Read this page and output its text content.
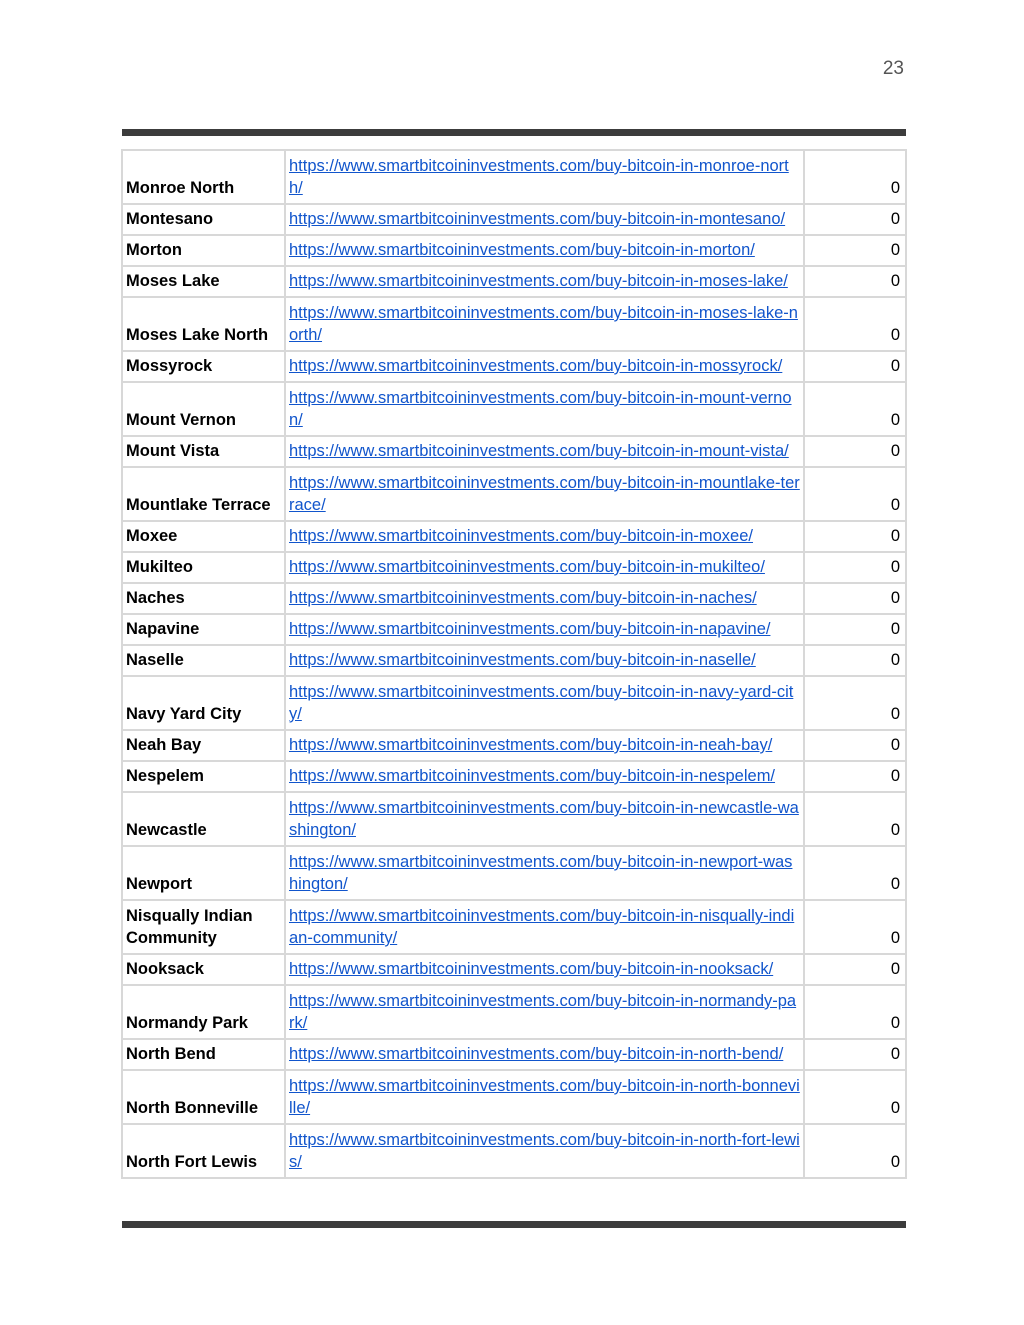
23
Monroe North	https://www.smartbitcoininvestments.com/buy-bitcoin-in-monroe-north/	0
Montesano	https://www.smartbitcoininvestments.com/buy-bitcoin-in-montesano/	0
Morton	https://www.smartbitcoininvestments.com/buy-bitcoin-in-morton/	0
Moses Lake	https://www.smartbitcoininvestments.com/buy-bitcoin-in-moses-lake/	0
Moses Lake North	https://www.smartbitcoininvestments.com/buy-bitcoin-in-moses-lake-north/	0
Mossyrock	https://www.smartbitcoininvestments.com/buy-bitcoin-in-mossyrock/	0
Mount Vernon	https://www.smartbitcoininvestments.com/buy-bitcoin-in-mount-vernon/	0
Mount Vista	https://www.smartbitcoininvestments.com/buy-bitcoin-in-mount-vista/	0
Mountlake Terrace	https://www.smartbitcoininvestments.com/buy-bitcoin-in-mountlake-terrace/	0
Moxee	https://www.smartbitcoininvestments.com/buy-bitcoin-in-moxee/	0
Mukilteo	https://www.smartbitcoininvestments.com/buy-bitcoin-in-mukilteo/	0
Naches	https://www.smartbitcoininvestments.com/buy-bitcoin-in-naches/	0
Napavine	https://www.smartbitcoininvestments.com/buy-bitcoin-in-napavine/	0
Naselle	https://www.smartbitcoininvestments.com/buy-bitcoin-in-naselle/	0
Navy Yard City	https://www.smartbitcoininvestments.com/buy-bitcoin-in-navy-yard-city/	0
Neah Bay	https://www.smartbitcoininvestments.com/buy-bitcoin-in-neah-bay/	0
Nespelem	https://www.smartbitcoininvestments.com/buy-bitcoin-in-nespelem/	0
Newcastle	https://www.smartbitcoininvestments.com/buy-bitcoin-in-newcastle-washington/	0
Newport	https://www.smartbitcoininvestments.com/buy-bitcoin-in-newport-washington/	0
Nisqually Indian Community	https://www.smartbitcoininvestments.com/buy-bitcoin-in-nisqually-indian-community/	0
Nooksack	https://www.smartbitcoininvestments.com/buy-bitcoin-in-nooksack/	0
Normandy Park	https://www.smartbitcoininvestments.com/buy-bitcoin-in-normandy-park/	0
North Bend	https://www.smartbitcoininvestments.com/buy-bitcoin-in-north-bend/	0
North Bonneville	https://www.smartbitcoininvestments.com/buy-bitcoin-in-north-bonneville/	0
North Fort Lewis	https://www.smartbitcoininvestments.com/buy-bitcoin-in-north-fort-lewis/	0
